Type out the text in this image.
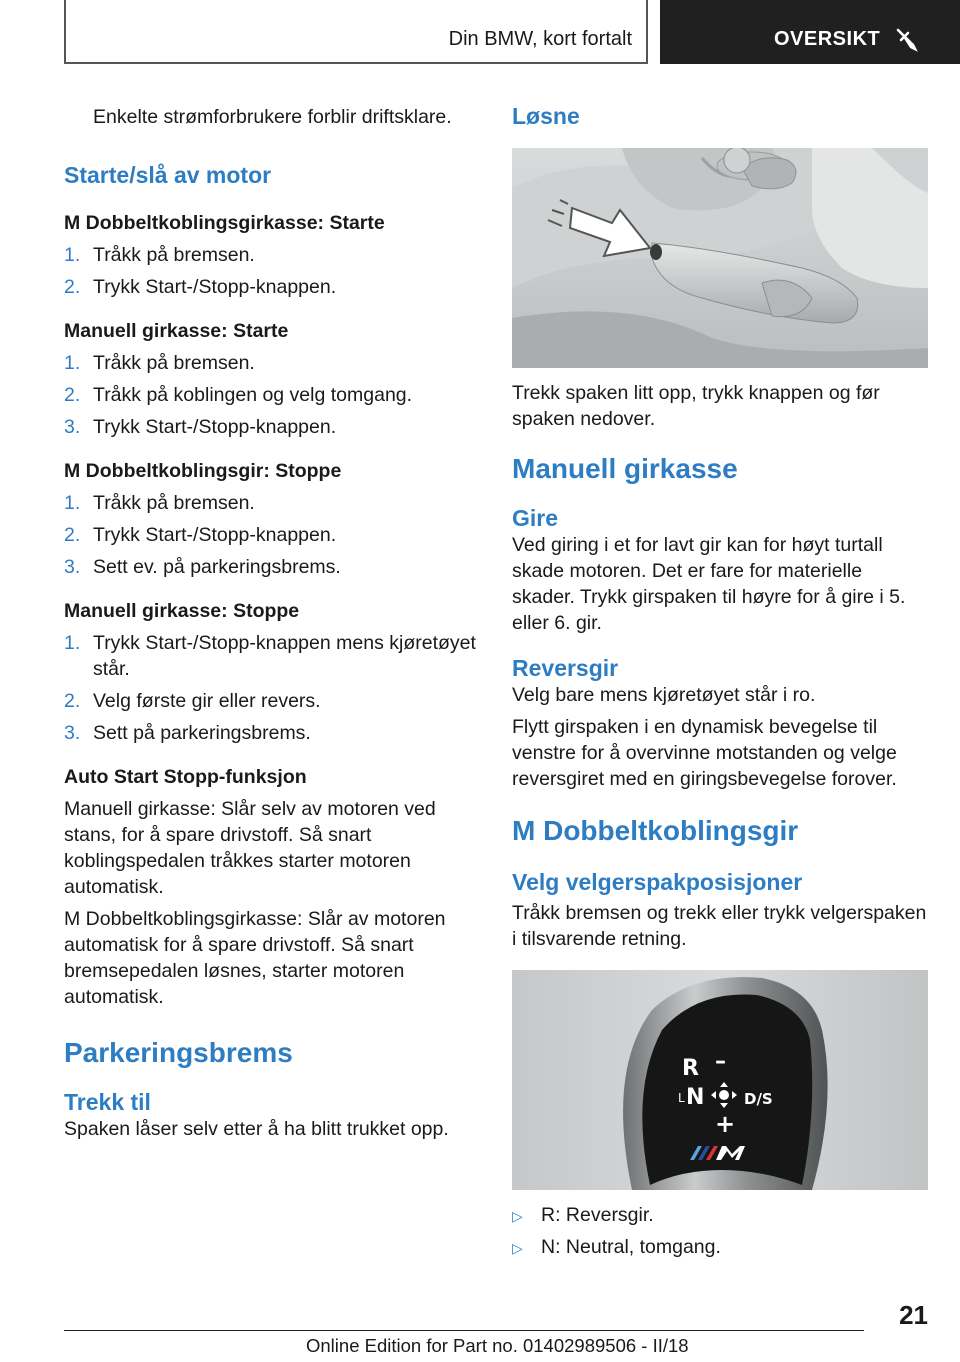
Din BMW, kort fortalt	OVERSIKT

Enkelte strømforbrukere forblir driftsklare.

Starte/slå av motor
M Dobbeltkoblingsgirkasse: Starte
1. Tråkk på bremsen.
2. Trykk Start-/Stopp-knappen.
Manuell girkasse: Starte
1. Tråkk på bremsen.
2. Tråkk på koblingen og velg tomgang.
3. Trykk Start-/Stopp-knappen.
M Dobbeltkoblingsgir: Stoppe
1. Tråkk på bremsen.
2. Trykk Start-/Stopp-knappen.
3. Sett ev. på parkeringsbrems.
Manuell girkasse: Stoppe
1. Trykk Start-/Stopp-knappen mens kjøretøyet står.
2. Velg første gir eller revers.
3. Sett på parkeringsbrems.
Auto Start Stopp-funksjon

Manuell girkasse: Slår selv av motoren ved stans, for å spare drivstoff. Så snart koblingspedalen tråkkes starter motoren automatisk.

M Dobbeltkoblingsgirkasse: Slår av motoren automatisk for å spare drivstoff. Så snart bremsepedalen løsnes, starter motoren automatisk.

Parkeringsbrems
Trekk til

Spaken låser selv etter å ha blitt trukket opp.

Løsne

Trekk spaken litt opp, trykk knappen og før spaken nedover.

Manuell girkasse
Gire

Ved giring i et for lavt gir kan for høyt turtall skade motoren. Det er fare for materielle skader. Trykk girspaken til høyre for å gire i 5. eller 6. gir.

Reversgir

Velg bare mens kjøretøyet står i ro.

Flytt girspaken i en dynamisk bevegelse til venstre for å overvinne motstanden og velge reversgiret med en giringsbevegelse forover.

M Dobbeltkoblingsgir
Velg velgerspakposisjoner

Tråkk bremsen og trekk eller trykk velgerspaken i tilsvarende retning.

R –
L N	D/S
+
▷ R: Reversgir.
▷ N: Neutral, tomgang.
21
Online Edition for Part no. 01402989506 - II/18
